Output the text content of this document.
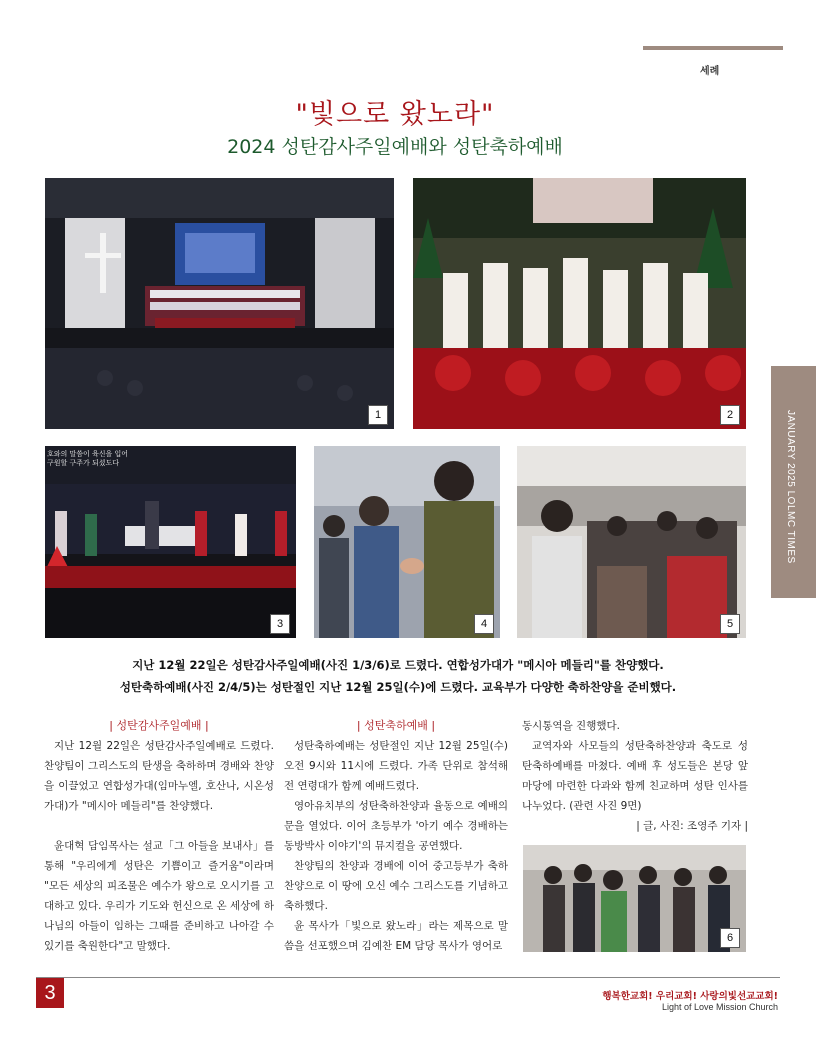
세례
"빛으로 왔노라"
2024 성탄감사주일예배와 성탄축하예배
JANUARY 2025 LOLMC TIMES
1	2
호와의 말씀이 육신을 입어
구원할 구주가 되셨도다
3	4	5
지난 12월 22일은 성탄감사주일예배(사진 1/3/6)로 드렸다. 연합성가대가 "메시아 메들리"를 찬양했다.
성탄축하예배(사진 2/4/5)는 성탄절인 지난 12월 25일(수)에 드렸다. 교육부가 다양한 축하찬양을 준비했다.
| 성탄감사주일예배 |

지난 12월 22일은 성탄감사주일예배로 드렸다. 찬양팀이 그리스도의 탄생을 축하하며 경배와 찬양을 이끌었고 연합성가대(임마누엘, 호산나, 시온성가대)가 "메시아 메들리"를 찬양했다.

윤대혁 담임목사는 설교「그 아들을 보내사」를 통해 "우리에게 성탄은 기쁨이고 즐거움"이라며 "모든 세상의 피조물은 예수가 왕으로 오시기를 고대하고 있다. 우리가 기도와 헌신으로 온 세상에 하나님의 아들이 임하는 그때를 준비하고 나아갈 수 있기를 축원한다"고 말했다.

| 성탄축하예배 |

성탄축하예배는 성탄절인 지난 12월 25일(수) 오전 9시와 11시에 드렸다. 가족 단위로 참석해 전 연령대가 함께 예배드렸다.

영아유치부의 성탄축하찬양과 율동으로 예배의 문을 열었다. 이어 초등부가 '아기 예수 경배하는 동방박사 이야기'의 뮤지컬을 공연했다.

찬양팀의 찬양과 경배에 이어 중고등부가 축하찬양으로 이 땅에 오신 예수 그리스도를 기념하고 축하했다.

윤 목사가「빛으로 왔노라」라는 제목으로 말씀을 선포했으며 김예찬 EM 담당 목사가 영어로

동시통역을 진행했다.

교역자와 사모들의 성탄축하찬양과 축도로 성탄축하예배를 마쳤다. 예배 후 성도들은 본당 앞마당에 마련한 다과와 함께 친교하며 성탄 인사를 나누었다. (관련 사진 9면)

| 글, 사진: 조영주 기자 |

6
3	행복한교회! 우리교회! 사랑의빛선교교회!
Light of Love Mission Church
